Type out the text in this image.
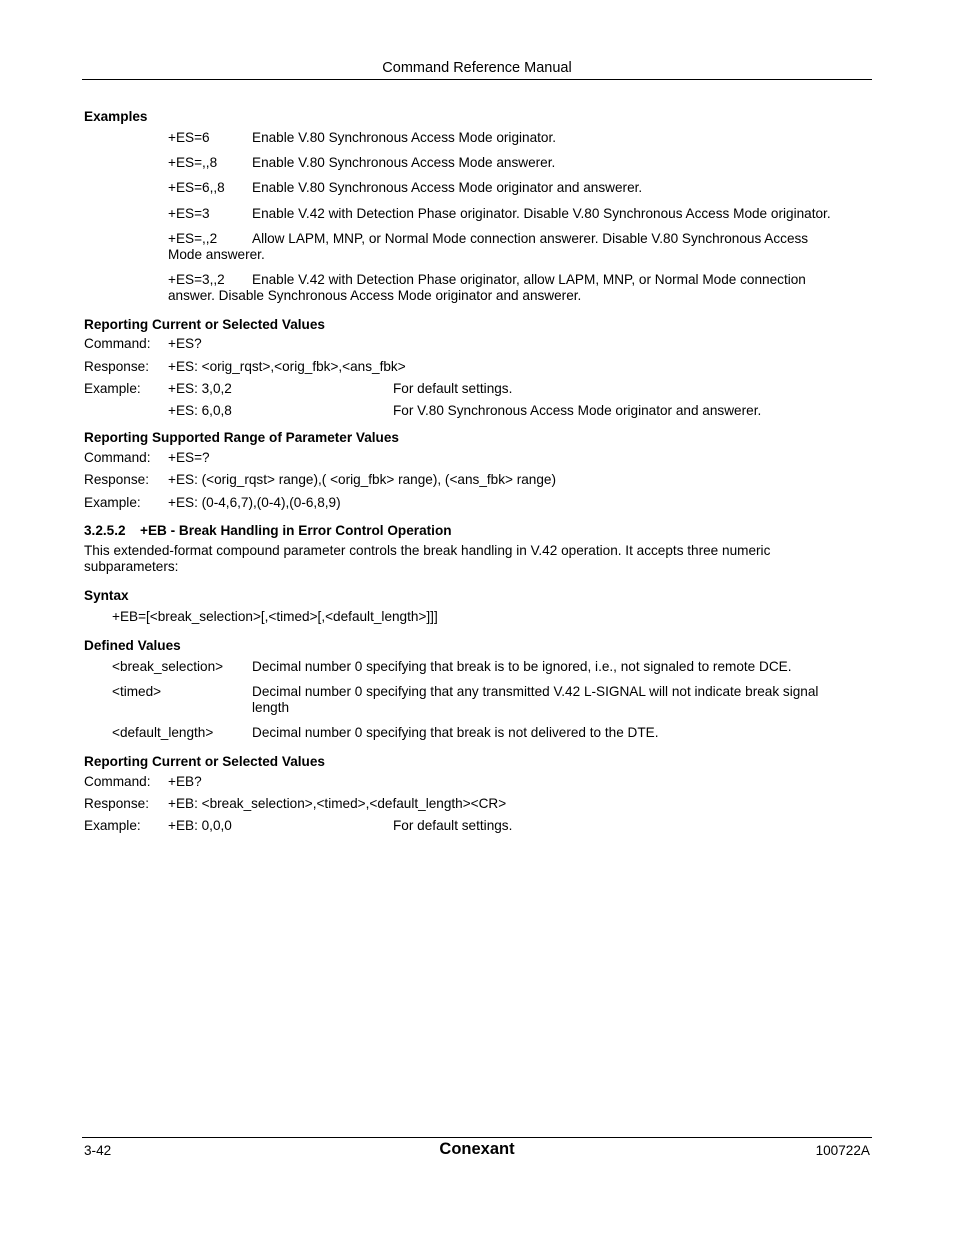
Command Reference Manual
Examples
+ES=6	Enable V.80 Synchronous Access Mode originator.
+ES=,,8	Enable V.80 Synchronous Access Mode answerer.
+ES=6,,8 Enable V.80 Synchronous Access Mode originator and answerer.
+ES=3	Enable V.42 with Detection Phase originator. Disable V.80 Synchronous Access Mode originator.
+ES=,,2	Allow LAPM, MNP, or Normal Mode connection answerer. Disable V.80 Synchronous Access
Mode answerer.
+ES=3,,2 Enable V.42 with Detection Phase originator, allow LAPM, MNP, or Normal Mode connection
answer. Disable Synchronous Access Mode originator and answerer.
Reporting Current or Selected Values
Command: +ES?
Response: +ES: <orig_rqst>,<orig_fbk>,<ans_fbk>
Example: +ES: 3,0,2	For default settings.
+ES: 6,0,8	For V.80 Synchronous Access Mode originator and answerer.
Reporting Supported Range of Parameter Values
Command: +ES=?
Response: +ES: (<orig_rqst> range),( <orig_fbk> range), (<ans_fbk> range)
Example: +ES: (0-4,6,7),(0-4),(0-6,8,9)
3.2.5.2 +EB - Break Handling in Error Control Operation
This extended-format compound parameter controls the break handling in V.42 operation. It accepts three numeric
subparameters:
Syntax
+EB=[<break_selection>[,<timed>[,<default_length>]]]
Defined Values
<break_selection> Decimal number 0 specifying that break is to be ignored, i.e., not signaled to remote DCE.
<timed>	Decimal number 0 specifying that any transmitted V.42 L-SIGNAL will not indicate break signal
length
<default_length>	Decimal number 0 specifying that break is not delivered to the DTE.
Reporting Current or Selected Values
Command: +EB?
Response: +EB: <break_selection>,<timed>,<default_length><CR>
Example: +EB: 0,0,0	For default settings.
3-42	Conexant	100722A
